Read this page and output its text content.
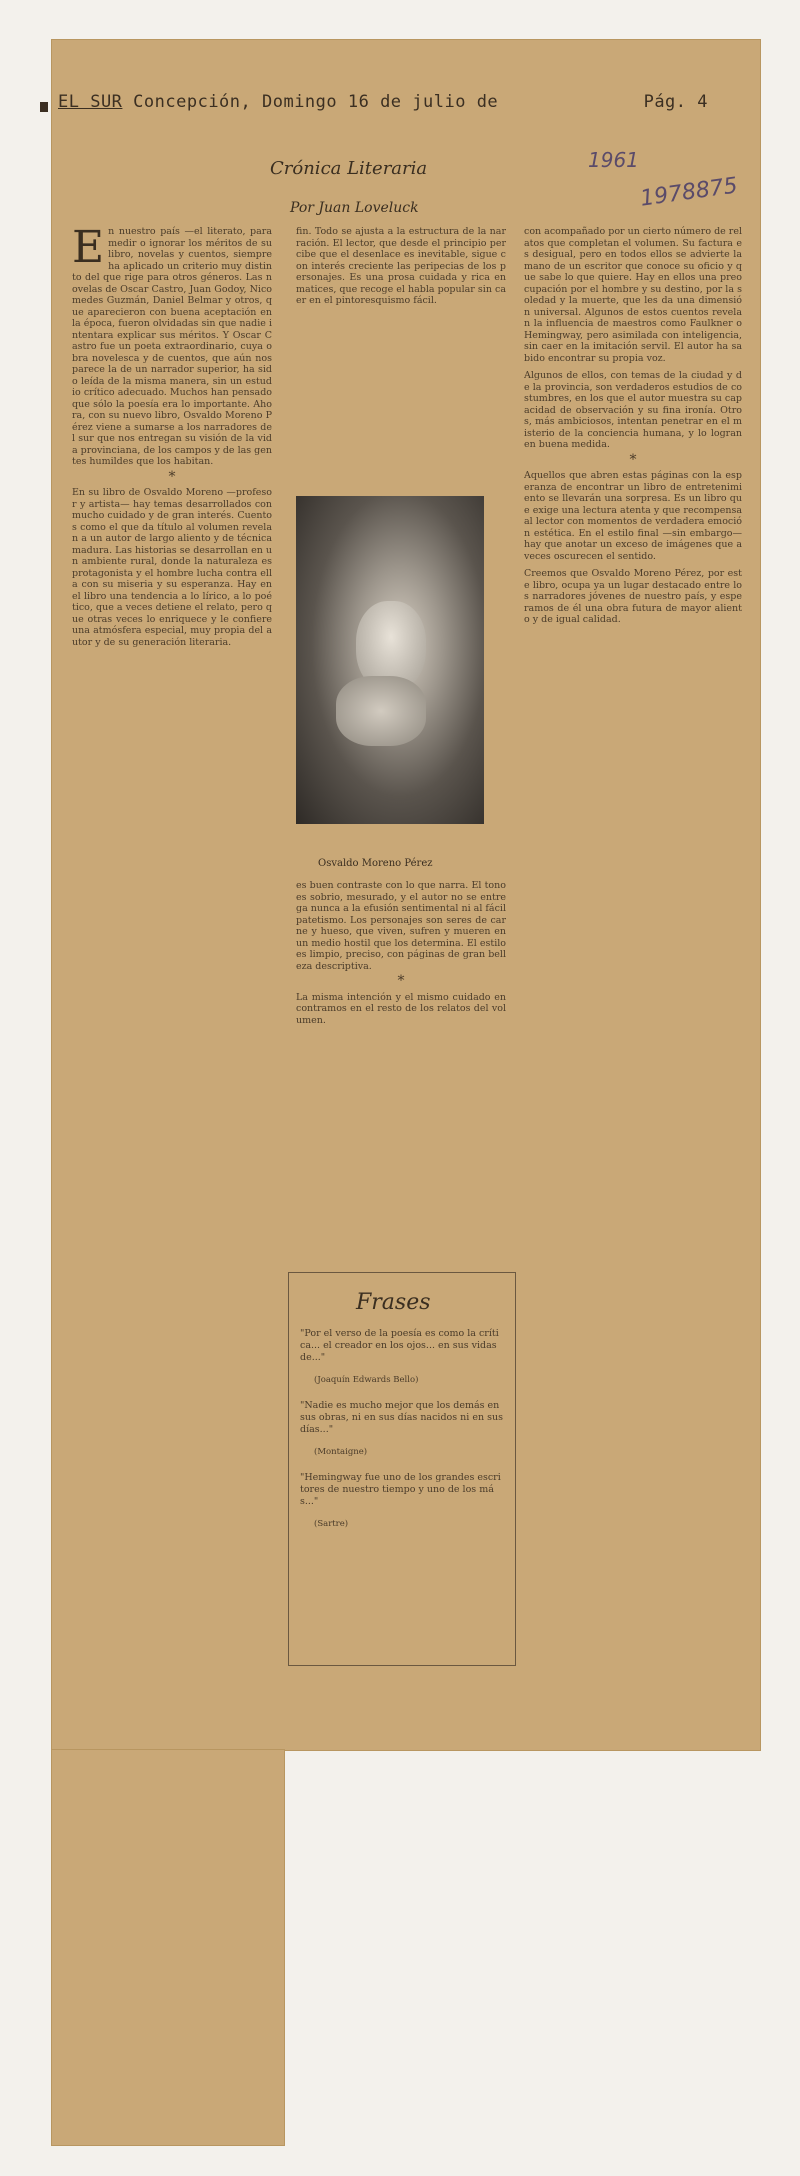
EL SUR Concepción, Domingo 16 de julio de	Pág. 4
1961
1978875
Crónica Literaria
Por Juan Loveluck
E n nuestro país —el literato, para medir o ignorar los méritos de su libro, novelas y cuentos, siempre ha aplicado un criterio muy distinto del que rige para otros géneros. Las novelas de Oscar Castro, Juan Godoy, Nicomedes Guzmán, Daniel Belmar y otros, que aparecieron con buena aceptación en la época, fueron olvidadas sin que nadie intentara explicar sus méritos. Y Oscar Castro fue un poeta extraordinario, cuya obra novelesca y de cuentos, que aún nos parece la de un narrador superior, ha sido leída de la misma manera, sin un estudio crítico adecuado. Muchos han pensado que sólo la poesía era lo importante. Ahora, con su nuevo libro, Osvaldo Moreno Pérez viene a sumarse a los narradores del sur que nos entregan su visión de la vida provinciana, de los campos y de las gentes humildes que los habitan.
*
En su libro de Osvaldo Moreno —profesor y artista— hay temas desarrollados con mucho cuidado y de gran interés. Cuentos como el que da título al volumen revelan a un autor de largo aliento y de técnica madura. Las historias se desarrollan en un ambiente rural, donde la naturaleza es protagonista y el hombre lucha contra ella con su miseria y su esperanza. Hay en el libro una tendencia a lo lírico, a lo poético, que a veces detiene el relato, pero que otras veces lo enriquece y le confiere una atmósfera especial, muy propia del autor y de su generación literaria.
fin. Todo se ajusta a la estructura de la narración. El lector, que desde el principio percibe que el desenlace es inevitable, sigue con interés creciente las peripecias de los personajes. Es una prosa cuidada y rica en matices, que recoge el habla popular sin caer en el pintoresquismo fácil.
Osvaldo Moreno Pérez
es buen contraste con lo que narra. El tono es sobrio, mesurado, y el autor no se entrega nunca a la efusión sentimental ni al fácil patetismo. Los personajes son seres de carne y hueso, que viven, sufren y mueren en un medio hostil que los determina. El estilo es limpio, preciso, con páginas de gran belleza descriptiva.
*
La misma intención y el mismo cuidado encontramos en el resto de los relatos del volumen.
con acompañado por un cierto número de relatos que completan el volumen. Su factura es desigual, pero en todos ellos se advierte la mano de un escritor que conoce su oficio y que sabe lo que quiere. Hay en ellos una preocupación por el hombre y su destino, por la soledad y la muerte, que les da una dimensión universal. Algunos de estos cuentos revelan la influencia de maestros como Faulkner o Hemingway, pero asimilada con inteligencia, sin caer en la imitación servil. El autor ha sabido encontrar su propia voz.

Algunos de ellos, con temas de la ciudad y de la provincia, son verdaderos estudios de costumbres, en los que el autor muestra su capacidad de observación y su fina ironía. Otros, más ambiciosos, intentan penetrar en el misterio de la conciencia humana, y lo logran en buena medida.

*
Aquellos que abren estas páginas con la esperanza de encontrar un libro de entretenimiento se llevarán una sorpresa. Es un libro que exige una lectura atenta y que recompensa al lector con momentos de verdadera emoción estética. En el estilo final —sin embargo— hay que anotar un exceso de imágenes que a veces oscurecen el sentido.

Creemos que Osvaldo Moreno Pérez, por este libro, ocupa ya un lugar destacado entre los narradores jóvenes de nuestro país, y esperamos de él una obra futura de mayor aliento y de igual calidad.

Frases

"Por el verso de la poesía es como la crítica... el creador en los ojos... en sus vidas de..."

(Joaquín Edwards Bello)

"Nadie es mucho mejor que los demás en sus obras, ni en sus días nacidos ni en sus días..."

(Montaigne)

"Hemingway fue uno de los grandes escritores de nuestro tiempo y uno de los más..."

(Sartre)
